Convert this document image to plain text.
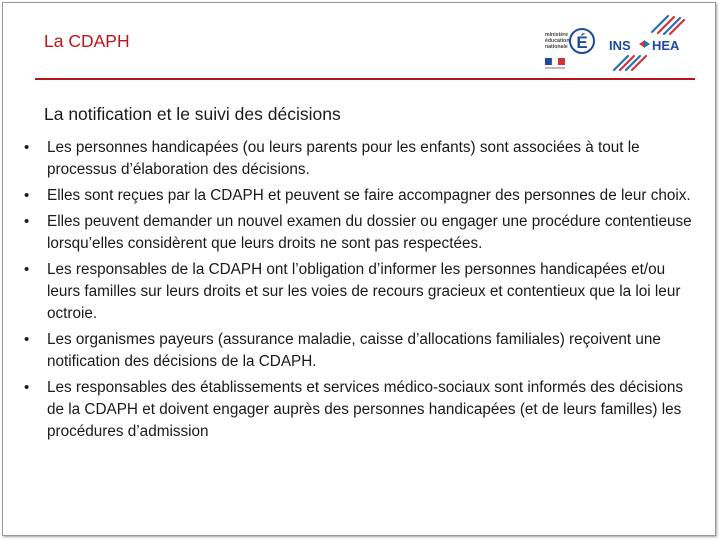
La CDAPH	ministère
éducation
nationale É INS HEA
La notification et le suivi des décisions
• Les personnes handicapées (ou leurs parents pour les enfants) sont associées à tout le processus d’élaboration des décisions.
• Elles sont reçues par la CDAPH et peuvent se faire accompagner des personnes de leur choix.
• Elles peuvent demander un nouvel examen du dossier ou engager une procédure contentieuse lorsqu’elles considèrent que leurs droits ne sont pas respectées.
• Les responsables de la CDAPH ont l’obligation d’informer les personnes handicapées et/ou leurs familles sur leurs droits et sur les voies de recours gracieux et contentieux que la loi leur octroie.
• Les organismes payeurs (assurance maladie, caisse d’allocations familiales) reçoivent une notification des décisions de la CDAPH.
• Les responsables des établissements et services médico-sociaux sont informés des décisions de la CDAPH et doivent engager auprès des personnes handicapées (et de leurs familles) les procédures d’admission
